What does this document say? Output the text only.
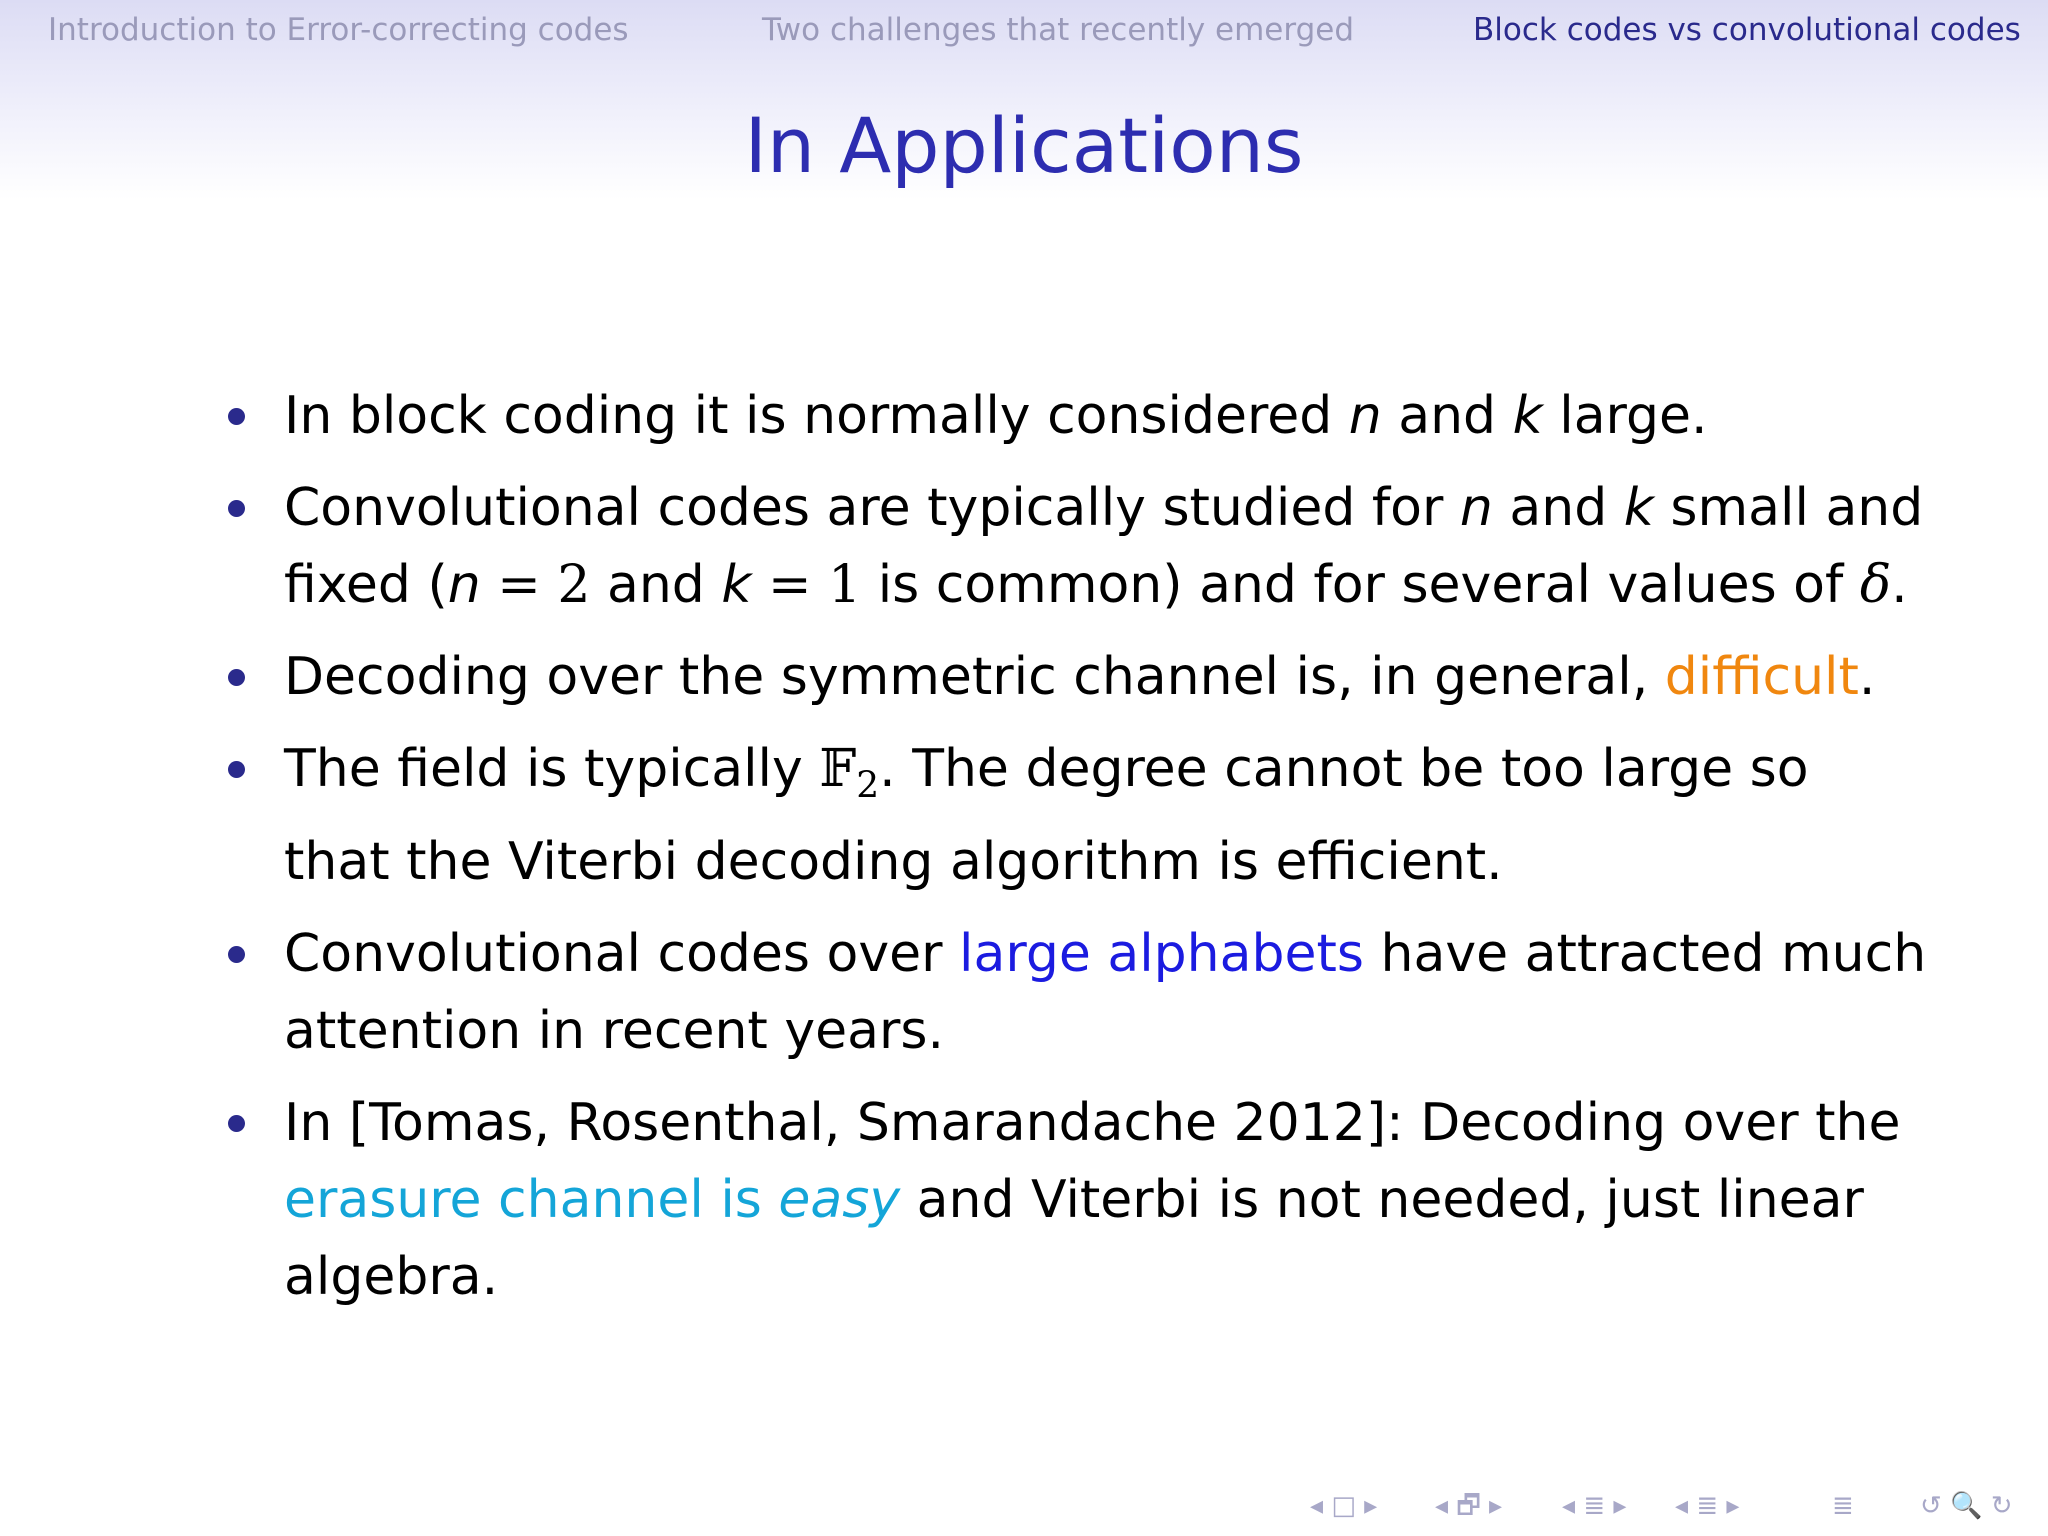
Introduction to Error-correcting codes	Two challenges that recently emerged	Block codes vs convolutional codes
In Applications
In block coding it is normally considered n and k large.
Convolutional codes are typically studied for n and k small and
fixed (n = 2 and k = 1 is common) and for several values of δ.
Decoding over the symmetric channel is, in general, difficult.
The field is typically 𝔽$_2$. The degree cannot be too large so
that the Viterbi decoding algorithm is efficient.
Convolutional codes over large alphabets have attracted much
attention in recent years.
In [Tomas, Rosenthal, Smarandache 2012]: Decoding over the
erasure channel is easy and Viterbi is not needed, just linear
algebra.
◂ □ ▸ ◂ 🗗 ▸ ◂ ≣ ▸ ◂ ≣ ▸	≣	↺ 🔍 ↻
